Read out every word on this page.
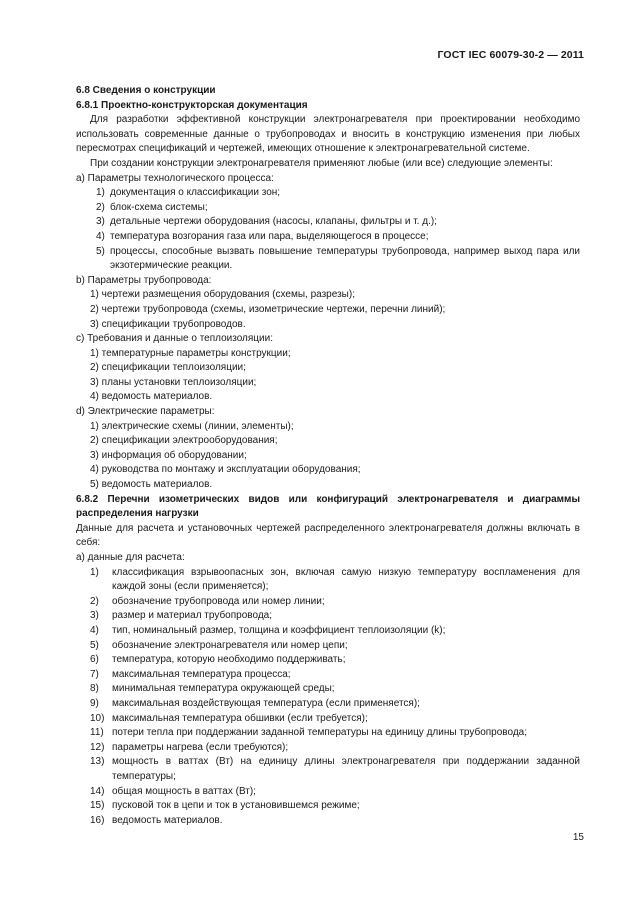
ГОСТ IEC 60079-30-2 — 2011

6.8 Сведения о конструкции

6.8.1 Проектно-конструкторская документация

Для разработки эффективной конструкции электронагревателя при проектировании необходимо использовать современные данные о трубопроводах и вносить в конструкцию изменения при любых пересмотрах спецификаций и чертежей, имеющих отношение к электронагревательной системе.

При создании конструкции электронагревателя применяют любые (или все) следующие элементы:

a) Параметры технологического процесса:

1) документация о классификации зон;
2) блок-схема системы;
3) детальные чертежи оборудования (насосы, клапаны, фильтры и т. д.);
4) температура возгорания газа или пара, выделяющегося в процессе;
5) процессы, способные вызвать повышение температуры трубопровода, например выход пара или экзотермические реакции.

b) Параметры трубопровода:

1) чертежи размещения оборудования (схемы, разрезы);

2) чертежи трубопровода (схемы, изометрические чертежи, перечни линий);

3) спецификации трубопроводов.

c) Требования и данные о теплоизоляции:

1) температурные параметры конструкции;

2) спецификации теплоизоляции;

3) планы установки теплоизоляции;

4) ведомость материалов.

d) Электрические параметры:

1) электрические схемы (линии, элементы);

2) спецификации электрооборудования;

3) информация об оборудовании;

4) руководства по монтажу и эксплуатации оборудования;

5) ведомость материалов.

6.8.2 Перечни изометрических видов или конфигураций электронагревателя и диаграммы распределения нагрузки

Данные для расчета и установочных чертежей распределенного электронагревателя должны включать в себя:

a) данные для расчета:

1)	классификация взрывоопасных зон, включая самую низкую температуру воспламенения для каждой зоны (если применяется);
2)	обозначение трубопровода или номер линии;
3)	размер и материал трубопровода;
4)	тип, номинальный размер, толщина и коэффициент теплоизоляции (k);
5)	обозначение электронагревателя или номер цепи;
6)	температура, которую необходимо поддерживать;
7)	максимальная температура процесса;
8)	минимальная температура окружающей среды;
9)	максимальная воздействующая температура (если применяется);
10) максимальная температура обшивки (если требуется);
11) потери тепла при поддержании заданной температуры на единицу длины трубопровода;
12) параметры нагрева (если требуются);
13) мощность в ваттах (Вт) на единицу длины электронагревателя при поддержании заданной температуры;
14) общая мощность в ваттах (Вт);
15) пусковой ток в цепи и ток в установившемся режиме;
16) ведомость материалов.
15
